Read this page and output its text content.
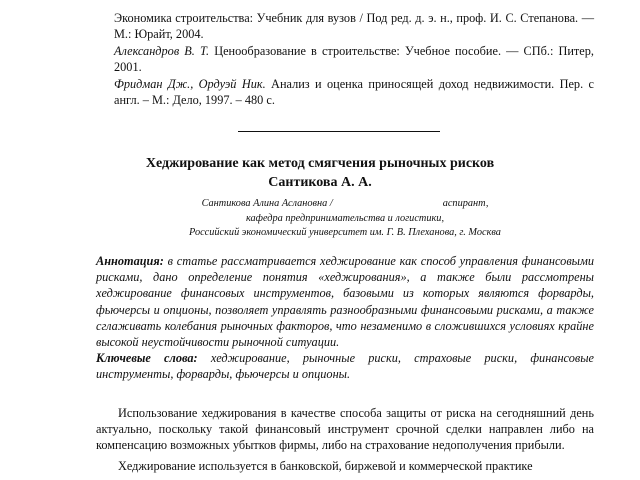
Экономика строительства: Учебник для вузов / Под ред. д. э. н., проф. И. С. Степанова. — М.: Юрайт, 2004.

Александров В. Т. Ценообразование в строительстве: Учебное пособие. — СПб.: Питер, 2001.

Фридман Дж., Ордуэй Ник. Анализ и оценка приносящей доход недвижимости. Пер. с англ. – М.: Дело, 1997. – 480 с.

Хеджирование как метод смягчения рыночных рисков
Сантикова А. А.
Сантикова Алина Аслановна /	аспирант,
кафедра предпринимательства и логистики,
Российский экономический университет им. Г. В. Плеханова, г. Москва

Аннотация: в статье рассматривается хеджирование как способ управления финансовыми рисками, дано определение понятия «хеджирования», а также были рассмотрены хеджирование финансовых инструментов, базовыми из которых являются форварды, фьючерсы и опционы, позволяет управлять разнообразными финансовыми рисками, а также сглаживать колебания рыночных факторов, что незаменимо в сложившихся условиях крайне высокой неустойчивости рыночной ситуации.

Ключевые слова: хеджирование, рыночные риски, страховые риски, финансовые инструменты, форварды, фьючерсы и опционы.

Использование хеджирования в качестве способа защиты от риска на сегодняшний день актуально, поскольку такой финансовый инструмент срочной сделки направлен либо на компенсацию возможных убытков фирмы, либо на страхование недополучения прибыли.

Хеджирование используется в банковской, биржевой и коммерческой практике
